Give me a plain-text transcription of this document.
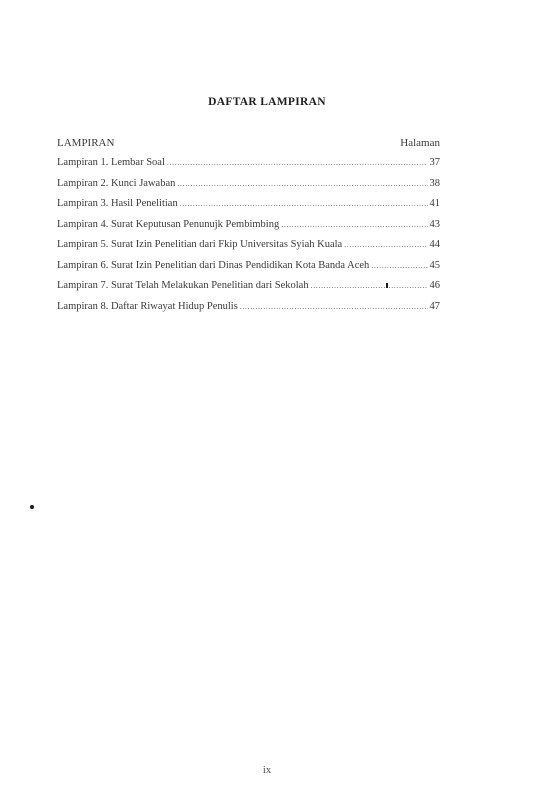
DAFTAR LAMPIRAN
LAMPIRAN	Halaman
Lampiran 1. Lembar Soal .....	37
Lampiran 2. Kunci Jawaban .....	38
Lampiran 3. Hasil Penelitian .....	41
Lampiran 4. Surat Keputusan Penunujk Pembimbing .....	43
Lampiran 5. Surat Izin Penelitian dari Fkip Universitas Syiah Kuala .....	44
Lampiran 6. Surat Izin Penelitian dari Dinas Pendidikan Kota Banda Aceh .....	45
Lampiran 7. Surat Telah Melakukan Penelitian dari Sekolah .....	46
Lampiran 8. Daftar Riwayat Hidup Penulis .....	47
ix
